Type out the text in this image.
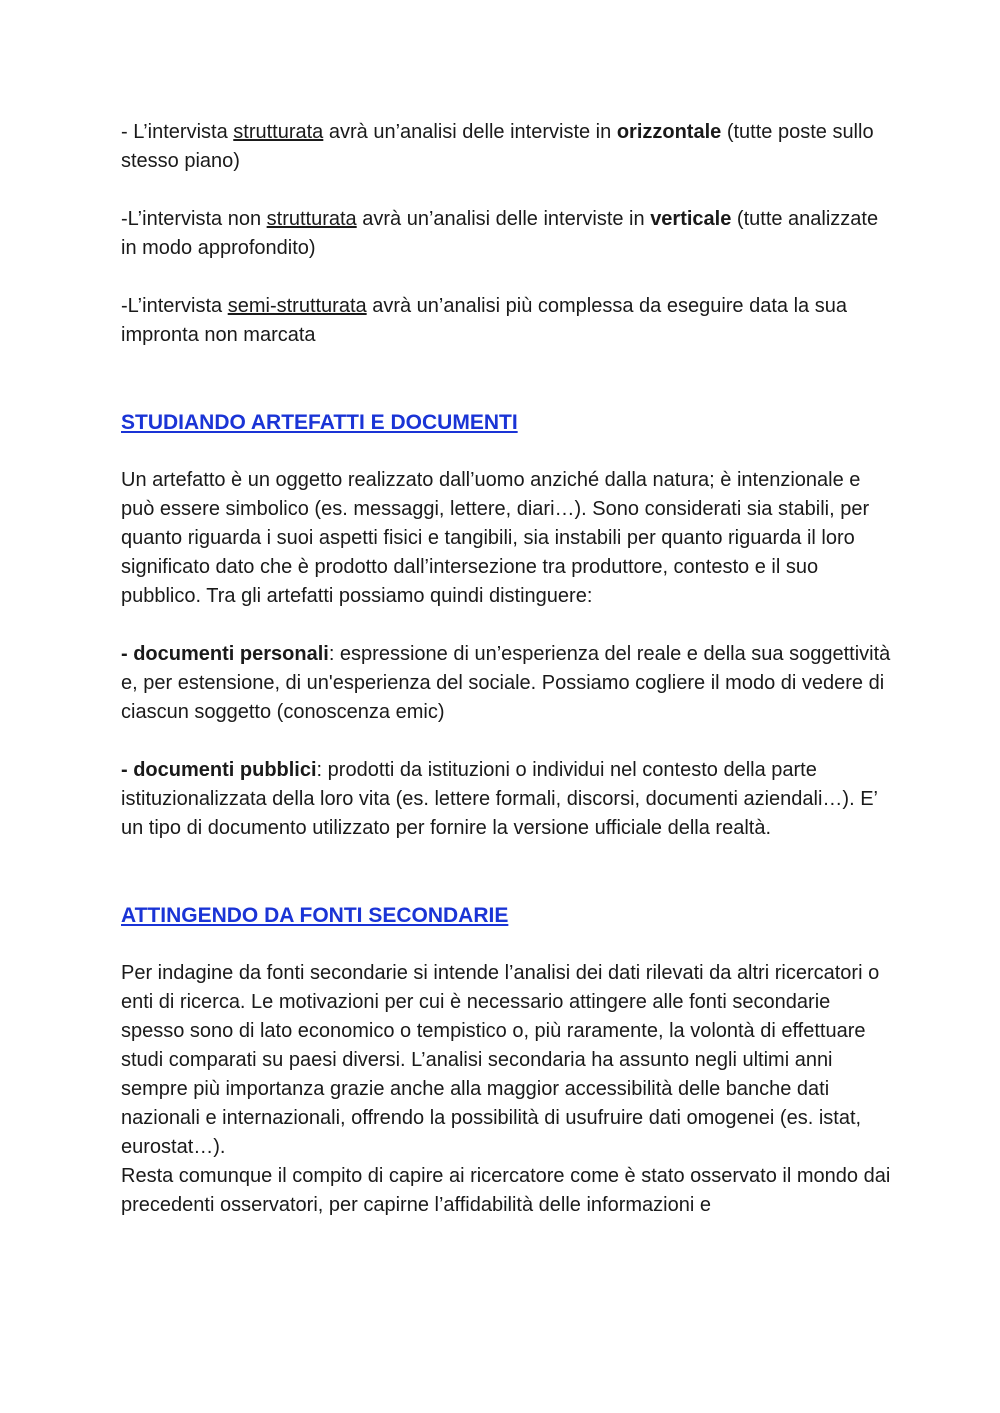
- L’intervista strutturata avrà un’analisi delle interviste in orizzontale (tutte poste sullo stesso piano)

-L’intervista non strutturata avrà un’analisi delle interviste in verticale (tutte analizzate in modo approfondito)

-L’intervista semi-strutturata avrà un’analisi più complessa da eseguire data la sua impronta non marcata

STUDIANDO ARTEFATTI E DOCUMENTI

Un artefatto è un oggetto realizzato dall’uomo anziché dalla natura; è intenzionale e può essere simbolico (es. messaggi, lettere, diari…). Sono considerati sia stabili, per quanto riguarda i suoi aspetti fisici e tangibili, sia instabili per quanto riguarda il loro significato dato che è prodotto dall’intersezione tra produttore, contesto e il suo pubblico. Tra gli artefatti possiamo quindi distinguere:

- documenti personali: espressione di un’esperienza del reale e della sua soggettività e, per estensione, di un'esperienza del sociale. Possiamo cogliere il modo di vedere di ciascun soggetto (conoscenza emic)

- documenti pubblici: prodotti da istituzioni o individui nel contesto della parte istituzionalizzata della loro vita (es. lettere formali, discorsi, documenti aziendali…). E’ un tipo di documento utilizzato per fornire la versione ufficiale della realtà.

ATTINGENDO DA FONTI SECONDARIE

Per indagine da fonti secondarie si intende l’analisi dei dati rilevati da altri ricercatori o enti di ricerca. Le motivazioni per cui è necessario attingere alle fonti secondarie spesso sono di lato economico o tempistico o, più raramente, la volontà di effettuare studi comparati su paesi diversi. L’analisi secondaria ha assunto negli ultimi anni sempre più importanza grazie anche alla maggior accessibilità delle banche dati nazionali e internazionali, offrendo la possibilità di usufruire dati omogenei (es. istat, eurostat…).

Resta comunque il compito di capire ai ricercatore come è stato osservato il mondo dai precedenti osservatori, per capirne l’affidabilità delle informazioni e
